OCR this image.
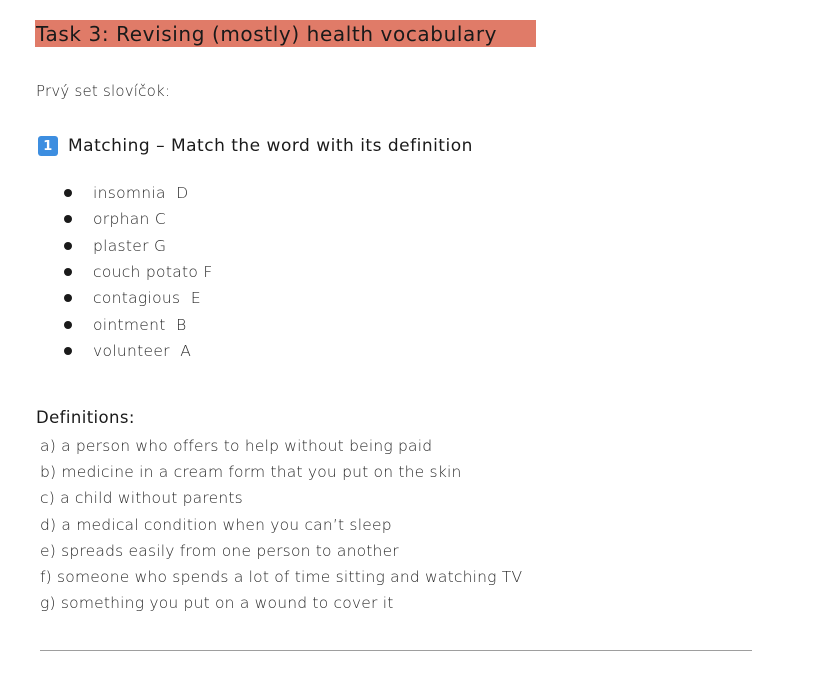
Task 3: Revising (mostly) health vocabulary
Prvý set slovíčok:
1 Matching – Match the word with its definition
insomnia  D
orphan C
plaster G
couch potato F
contagious  E
ointment  B
volunteer  A
Definitions:
a) a person who offers to help without being paid
b) medicine in a cream form that you put on the skin
c) a child without parents
d) a medical condition when you can’t sleep
e) spreads easily from one person to another
f) someone who spends a lot of time sitting and watching TV
g) something you put on a wound to cover it
